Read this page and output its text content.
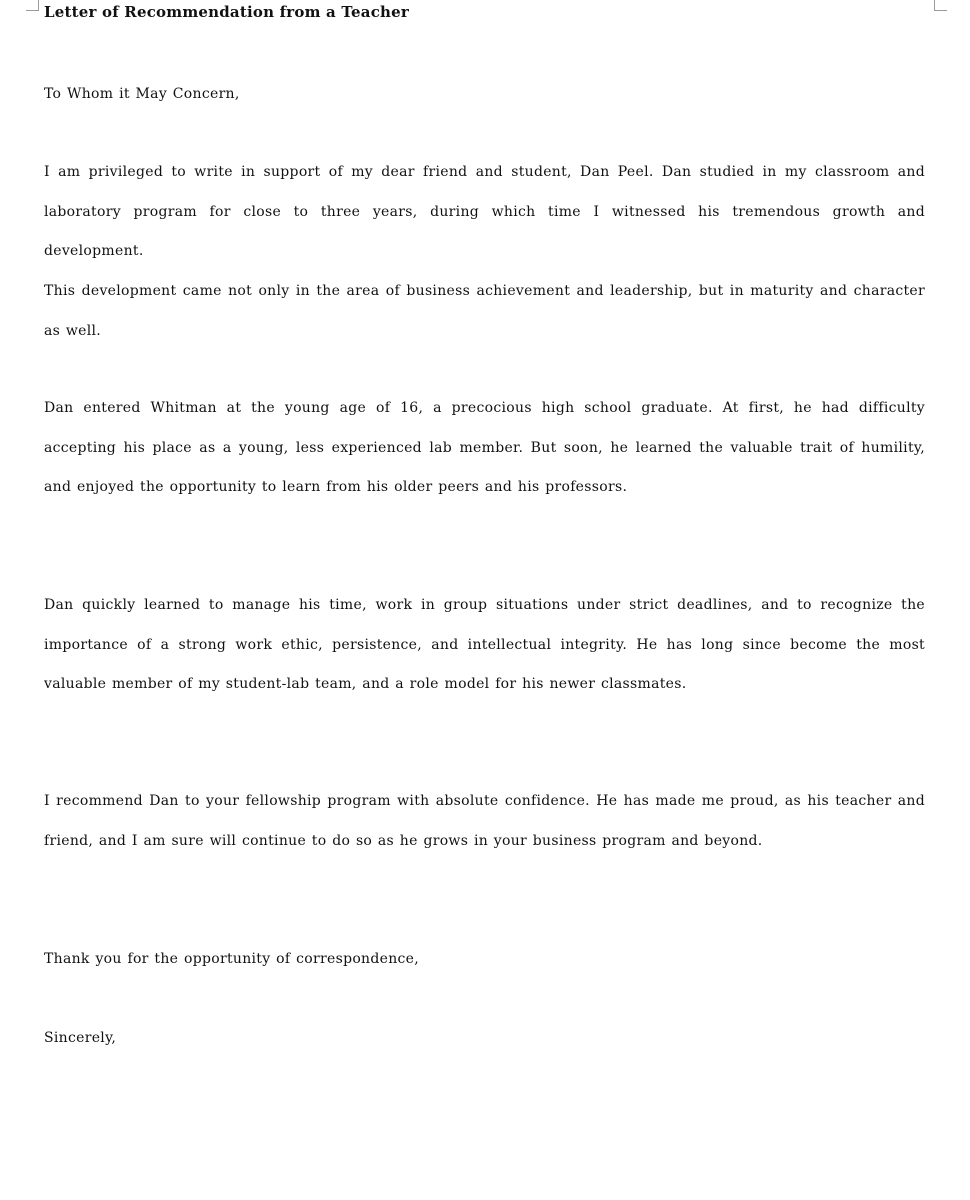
Letter of Recommendation from a Teacher
To Whom it May Concern,
I am privileged to write in support of my dear friend and student, Dan Peel. Dan studied in my classroom and laboratory program for close to three years, during which time I witnessed his tremendous growth and development.
This development came not only in the area of business achievement and leadership, but in maturity and character as well.
Dan entered Whitman at the young age of 16, a precocious high school graduate. At first, he had difficulty accepting his place as a young, less experienced lab member. But soon, he learned the valuable trait of humility, and enjoyed the opportunity to learn from his older peers and his professors.
Dan quickly learned to manage his time, work in group situations under strict deadlines, and to recognize the importance of a strong work ethic, persistence, and intellectual integrity. He has long since become the most valuable member of my student-lab team, and a role model for his newer classmates.
I recommend Dan to your fellowship program with absolute confidence. He has made me proud, as his teacher and friend, and I am sure will continue to do so as he grows in your business program and beyond.
Thank you for the opportunity of correspondence,
Sincerely,
